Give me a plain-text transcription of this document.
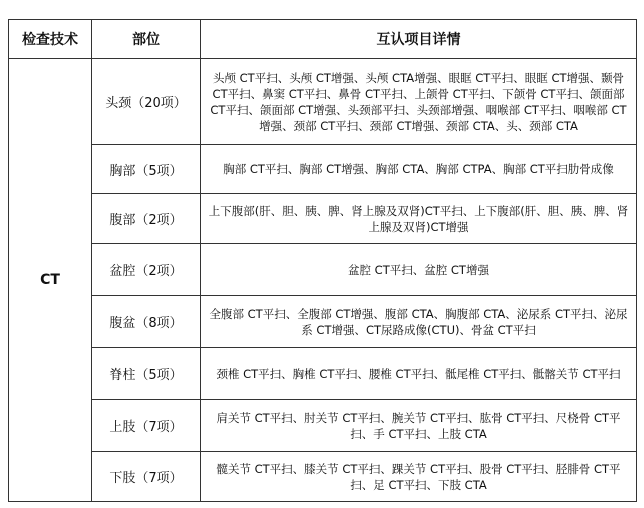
检查技术	部位	互认项目详情
CT	头颈（20项）	头颅 CT平扫、头颅 CT增强、头颅 CTA增强、眼眶 CT平扫、眼眶 CT增强、颞骨 CT平扫、鼻窦 CT平扫、鼻骨 CT平扫、上颌骨 CT平扫、下颌骨 CT平扫、颌面部 CT平扫、颌面部 CT增强、头颈部平扫、头颈部增强、咽喉部 CT平扫、咽喉部 CT增强、颈部 CT平扫、颈部 CT增强、颈部 CTA、头、颈部 CTA
	胸部（5项）	胸部 CT平扫、胸部 CT增强、胸部 CTA、胸部 CTPA、胸部 CT平扫肋骨成像
	腹部（2项）	上下腹部(肝、胆、胰、脾、肾上腺及双肾)CT平扫、上下腹部(肝、胆、胰、脾、肾上腺及双肾)CT增强
	盆腔（2项）	盆腔 CT平扫、盆腔 CT增强
	腹盆（8项）	全腹部 CT平扫、全腹部 CT增强、腹部 CTA、胸腹部 CTA、泌尿系 CT平扫、泌尿系 CT增强、CT尿路成像(CTU)、骨盆 CT平扫
	脊柱（5项）	颈椎 CT平扫、胸椎 CT平扫、腰椎 CT平扫、骶尾椎 CT平扫、骶髂关节 CT平扫
	上肢（7项）	肩关节 CT平扫、肘关节 CT平扫、腕关节 CT平扫、肱骨 CT平扫、尺桡骨 CT平扫、手 CT平扫、上肢 CTA
	下肢（7项）	髋关节 CT平扫、膝关节 CT平扫、踝关节 CT平扫、股骨 CT平扫、胫腓骨 CT平扫、足 CT平扫、下肢 CTA
